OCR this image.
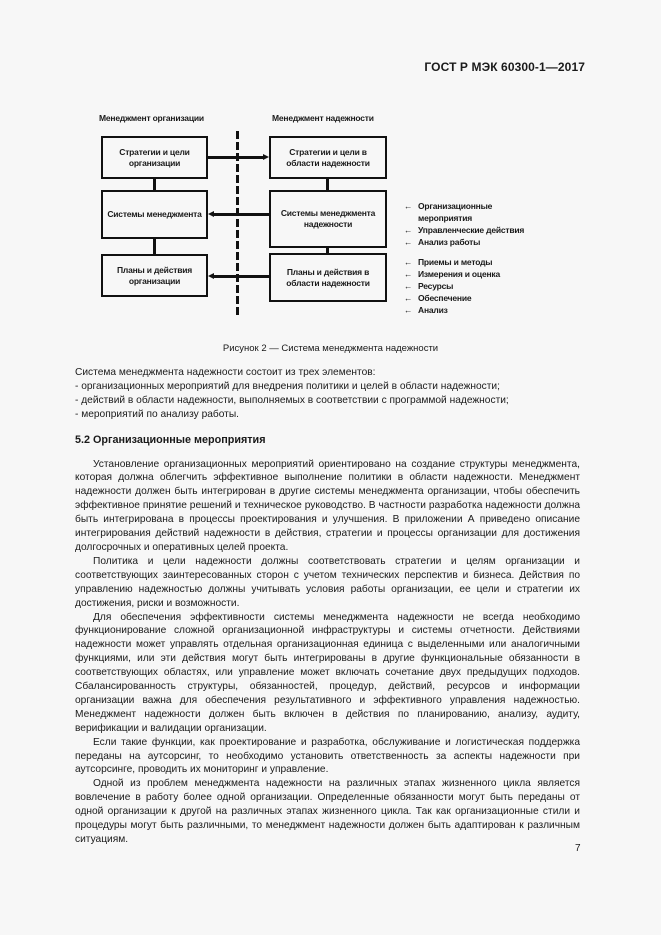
ГОСТ Р МЭК 60300-1—2017
Менеджмент организации	Менеджмент надежности
Стратегии и цели организации
Системы менеджмента
Планы и действия организации
Стратегии и цели в области надежности
Системы менеджмента надежности
Планы и действия в области надежности
← Организационные мероприятия
← Управленческие действия
← Анализ работы
← Приемы и методы
← Измерения и оценка
← Ресурсы
← Обеспечение
← Анализ
Рисунок 2 — Система менеджмента надежности

Система менеджмента надежности состоит из трех элементов:

- организационных мероприятий для внедрения политики и целей в области надежности;

- действий в области надежности, выполняемых в соответствии с программой надежности;

- мероприятий по анализу работы.

5.2 Организационные мероприятия

Установление организационных мероприятий ориентировано на создание структуры менеджмента, которая должна облегчить эффективное выполнение политики в области надежности. Менеджмент надежности должен быть интегрирован в другие системы менеджмента организации, чтобы обеспечить эффективное принятие решений и техническое руководство. В частности разработка надежности должна быть интегрирована в процессы проектирования и улучшения. В приложении А приведено описание интегрирования действий надежности в действия, стратегии и процессы организации для достижения долгосрочных и оперативных целей проекта.

Политика и цели надежности должны соответствовать стратегии и целям организации и соответствующих заинтересованных сторон с учетом технических перспектив и бизнеса. Действия по управлению надежностью должны учитывать условия работы организации, ее цели и стратегии их достижения, риски и возможности.

Для обеспечения эффективности системы менеджмента надежности не всегда необходимо функционирование сложной организационной инфраструктуры и системы отчетности. Действиями надежности может управлять отдельная организационная единица с выделенными или аналогичными функциями, или эти действия могут быть интегрированы в другие функциональные обязанности в соответствующих областях, или управление может включать сочетание двух предыдущих подходов. Сбалансированность структуры, обязанностей, процедур, действий, ресурсов и информации организации важна для обеспечения результативного и эффективного управления надежностью. Менеджмент надежности должен быть включен в действия по планированию, анализу, аудиту, верификации и валидации организации.

Если такие функции, как проектирование и разработка, обслуживание и логистическая поддержка переданы на аутсорсинг, то необходимо установить ответственность за аспекты надежности при аутсорсинге, проводить их мониторинг и управление.

Одной из проблем менеджмента надежности на различных этапах жизненного цикла является вовлечение в работу более одной организации. Определенные обязанности могут быть переданы от одной организации к другой на различных этапах жизненного цикла. Так как организационные стили и процедуры могут быть различными, то менеджмент надежности должен быть адаптирован к различным ситуациям.

7
